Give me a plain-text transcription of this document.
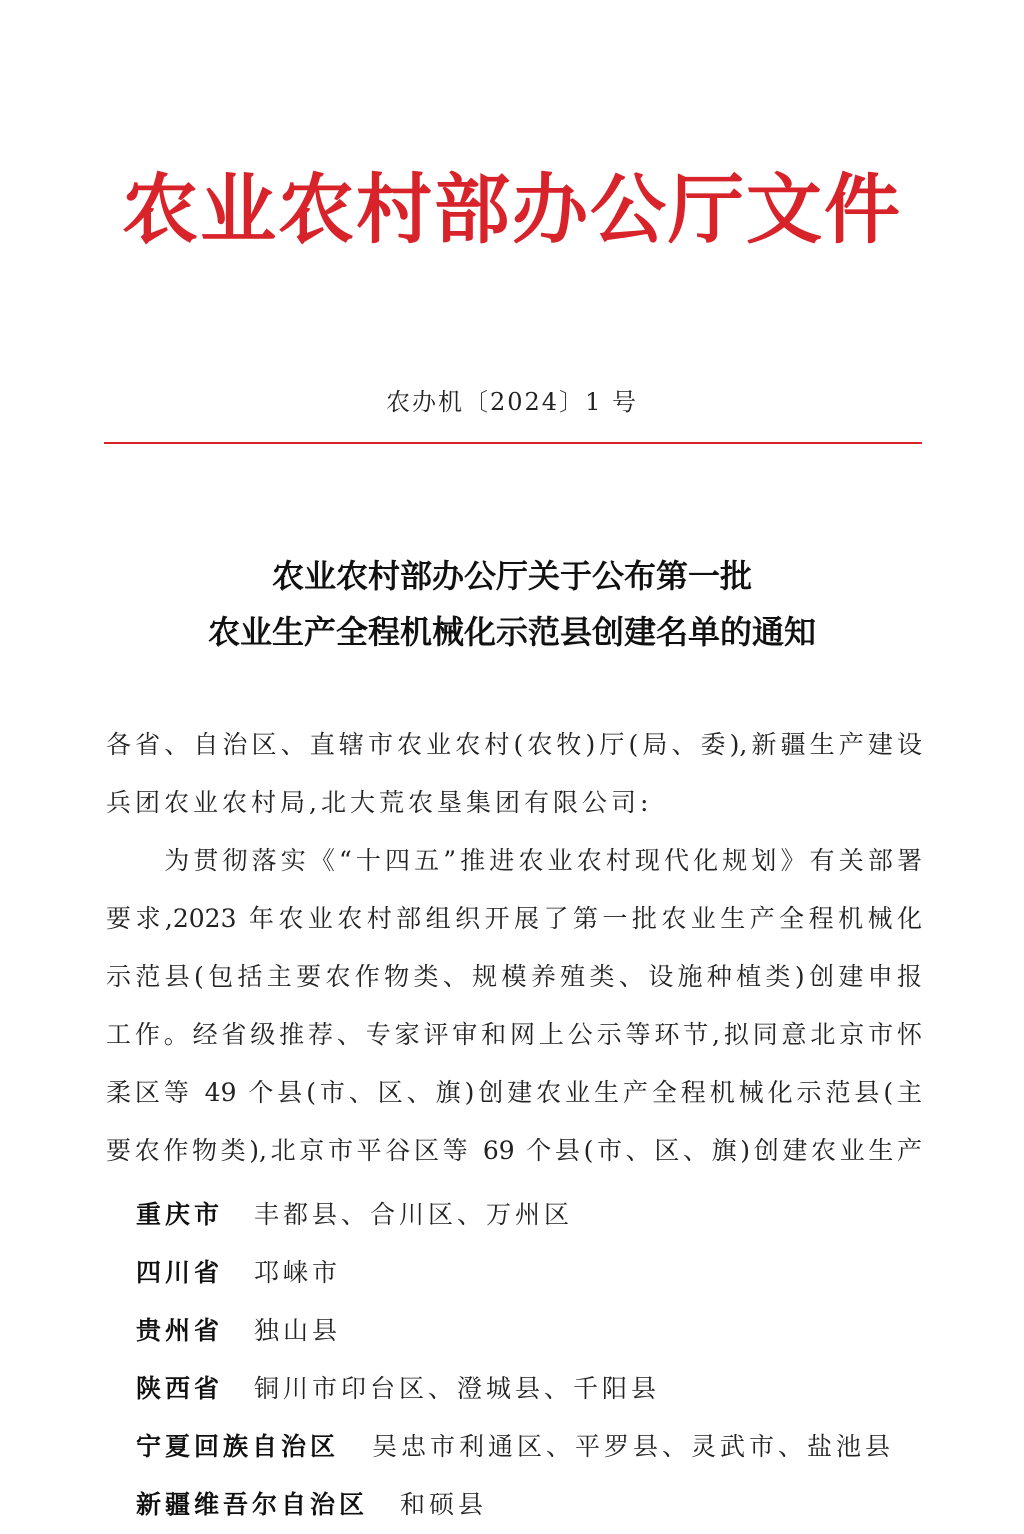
农业农村部办公厅文件
农办机〔2024〕1 号
农业农村部办公厅关于公布第一批
农业生产全程机械化示范县创建名单的通知
各省、自治区、直辖市农业农村(农牧)厅(局、委),新疆生产建设
兵团农业农村局,北大荒农垦集团有限公司:
　　为贯彻落实《“十四五”推进农业农村现代化规划》有关部署
要求,2023 年农业农村部组织开展了第一批农业生产全程机械化
示范县(包括主要农作物类、规模养殖类、设施种植类)创建申报
工作。经省级推荐、专家评审和网上公示等环节,拟同意北京市怀
柔区等 49 个县(市、区、旗)创建农业生产全程机械化示范县(主
要农作物类),北京市平谷区等 69 个县(市、区、旗)创建农业生产
重庆市 丰都县、合川区、万州区
四川省 邛崃市
贵州省 独山县
陕西省 铜川市印台区、澄城县、千阳县
宁夏回族自治区 吴忠市利通区、平罗县、灵武市、盐池县
新疆维吾尔自治区 和硕县
